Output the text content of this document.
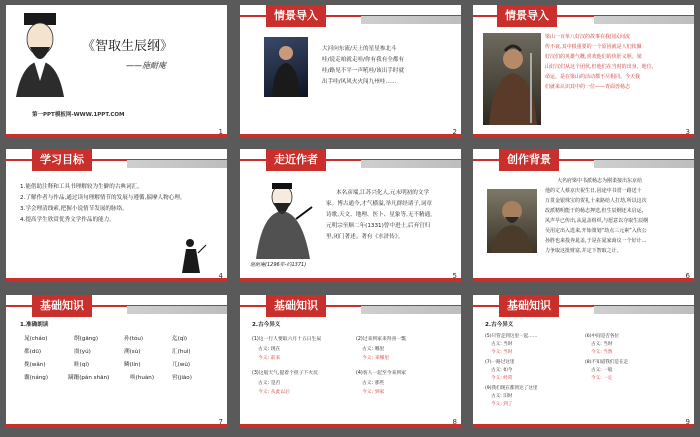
《智取生辰纲》
——施耐庵
第一PPT模板网-WWW.1PPT.COM
1
情景导入
大河向东流/天上的星星参北斗
哇/说走咱就走哇/你有我有全都有
哇/路见不平一声吼哇/该出手时就
出手哇/风风火火闯九州哇……
2
情景导入
梁山一百单八好汉的故事在我国民间流
传不衰,其中根重要的一个原因就是人们钦佩
好汉们的英雄气概,喜欢他们的侠肝义胆。梁
山好汉们从这个团伙,但他们在当时的出身、地位、
命运、是在梁山的活动都不尽相同。今天我
们就来认识其中的一位——青面兽杨志
3
学习目标
1.能借助注释和工具书理解较为生僻的古典词汇。
2.了解作者与作品,通过读句理解情节的发展与遵循,揣摩人物心理。
3.学会理清线索,把握小说情节发展的脉络。
4.提高学生欣赏优秀文学作品的能力。
4
走近作者
施耐庵(1296年-约1371)
本名彦端,江苏兴化人,元末明初的文学
家。博古通今,才气横溢,举凡群经诸子,词章
诗歌,天文、地理、医卜、星象等,无不精通。
元明宗至顺二年(1331)曾中进士,后弃官归
里,闭门著述。著有《水浒传》。
5
创作背景
大名府梁中书派杨志为刚柔接出东京给
他的丈人蔡京庆祝生日,因途中书赏一路送十
万贯金银珠宝的贺礼十来路给人打劫,所以这次
改派精明能干的杨志押送,但生辰纲还未启运,
风声早已传出,从晁盖组织,与愿意以夺取生辰纲
吴用定出入选来,开始策划“劫点三元素”入伙公
孙胜也来投奔晁盖,于是在晁家商议一个好计…
力争取这批财富,并定下智取之计。
6
基础知识
1.准确朗读
晁(cháo)	纲(gāng)	孙(tóu)	迄(qì)
都(dū)	虞(yú)	溯(sù)	汇(huì)
挽(wǎn)	畦(qí)	鳞(lín)	兀(wù)
囊(náng)	蹒跚(pán shān)	唤(huàn)	窖(jiào)
7
基础知识
2.古今异义
(1)这一行人要取六月十五日生辰
古义: 现在
今义: 前来
(2)过来到家来拜喜一瓢
古义: 哪里
今义: 来哪里
(3)这般天气,提着个担子下火坑
古义: 是否
今义: 从此以后
(4)客人一起至今来到家
古义: 那些
今义: 到家
8
基础知识
2.古今异义
(5)只管走到这里一起……
古义: 当时
今义: 当时
(6)中间是否各位
古义: 当时
今义: 当然
(7)一路过这里
古义: 如今
今义: 经常
(8)不知道我们是在走
古义: 一般
今义: 一定
(9)我们现在都到达了这里
古义: 旧时
今义: 到了
9
